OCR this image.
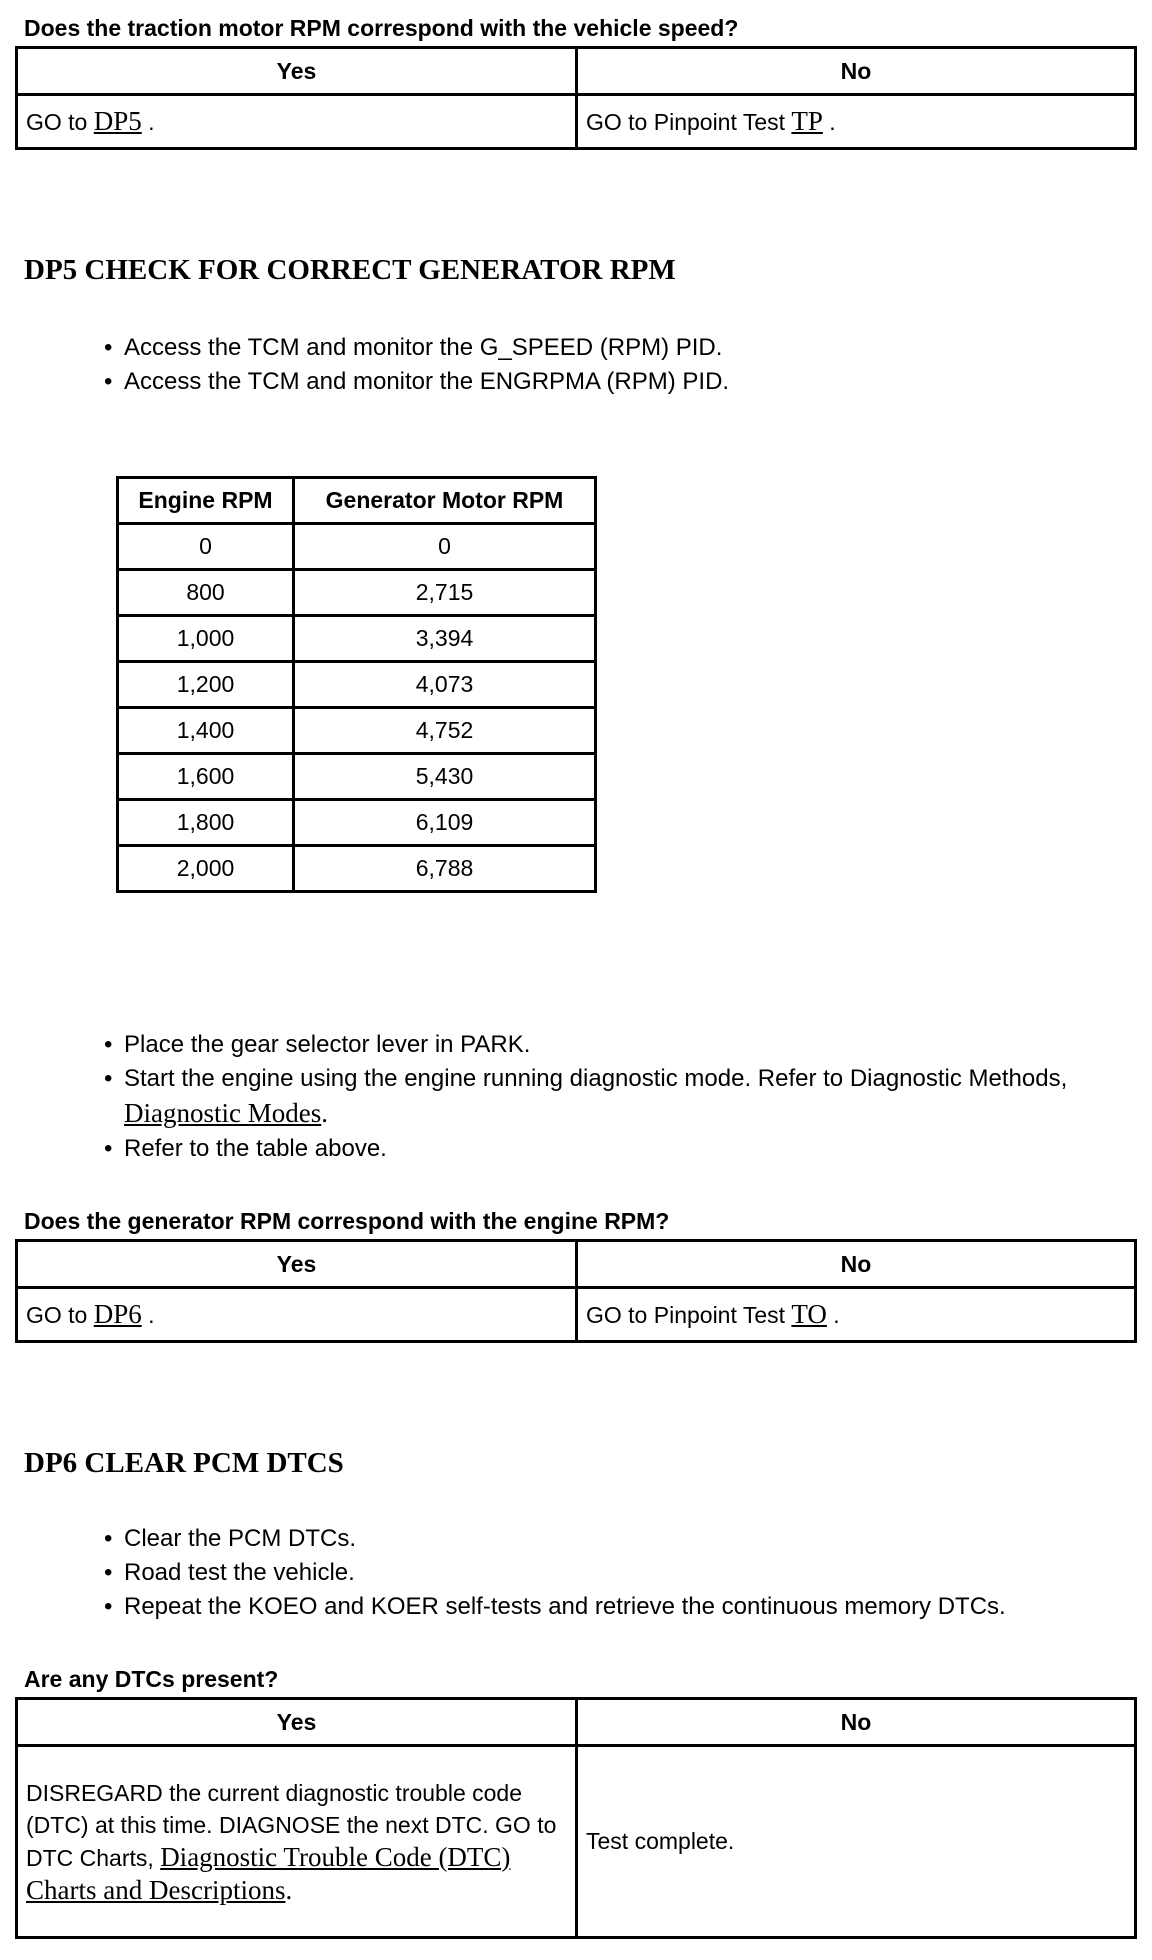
Does the traction motor RPM correspond with the vehicle speed?
Yes	No
GO to DP5 .	GO to Pinpoint Test TP .
DP5 CHECK FOR CORRECT GENERATOR RPM
• Access the TCM and monitor the G_SPEED (RPM) PID.
• Access the TCM and monitor the ENGRPMA (RPM) PID.
Engine RPM	Generator Motor RPM
0	0
800	2,715
1,000	3,394
1,200	4,073
1,400	4,752
1,600	5,430
1,800	6,109
2,000	6,788
• Place the gear selector lever in PARK.
• Start the engine using the engine running diagnostic mode. Refer to Diagnostic Methods, Diagnostic Modes.
• Refer to the table above.
Does the generator RPM correspond with the engine RPM?
Yes	No
GO to DP6 .	GO to Pinpoint Test TO .
DP6 CLEAR PCM DTCS
• Clear the PCM DTCs.
• Road test the vehicle.
• Repeat the KOEO and KOER self-tests and retrieve the continuous memory DTCs.
Are any DTCs present?
Yes	No
DISREGARD the current diagnostic trouble code (DTC) at this time. DIAGNOSE the next DTC. GO to DTC Charts, Diagnostic Trouble Code (DTC) Charts and Descriptions.	Test complete.
